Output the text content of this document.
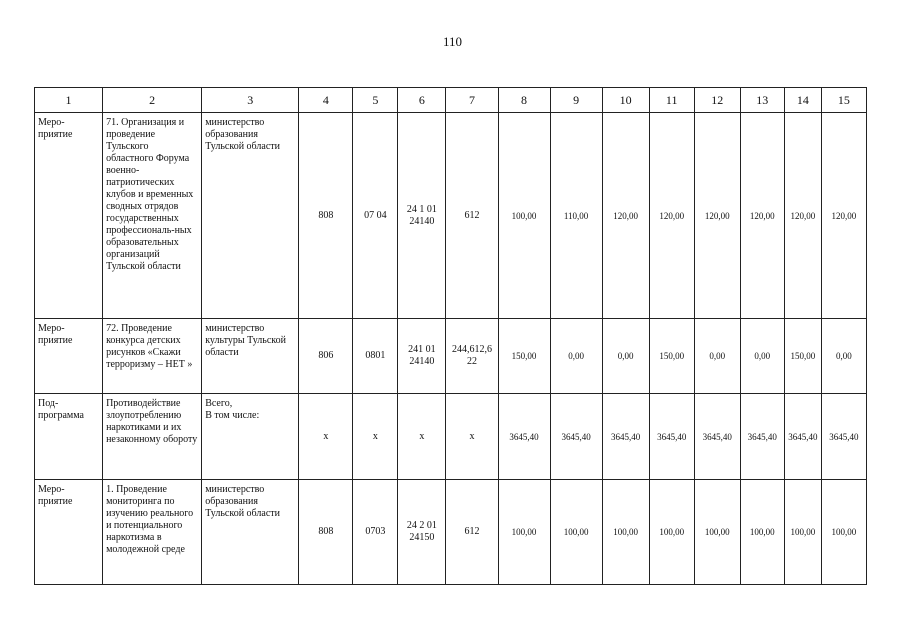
110
1	2	3	4	5	6	7	8	9	10	11	12	13	14	15
Меро-
приятие	71. Организация и проведение Тульского областного Форума военно-патриотических клубов и временных сводных отрядов государственных профессиональ-ных образовательных организаций Тульской области	министерство образования Тульской области	808	07 04	24 1 01 24140	612	100,00	110,00	120,00	120,00	120,00	120,00	120,00	120,00
Меро-
приятие	72. Проведение конкурса детских рисунков «Скажи терроризму – НЕТ »	министерство культуры Тульской области	806	0801	241 01 24140	244,612,6 22	150,00	0,00	0,00	150,00	0,00	0,00	150,00	0,00
Под-
программа	Противодействие злоупотреблению наркотиками и их незаконному обороту	Всего,
В том числе:	х	х	х	х	3645,40	3645,40	3645,40	3645,40	3645,40	3645,40	3645,40	3645,40
Меро-
приятие	1. Проведение мониторинга по изучению реального и потенциального наркотизма в молодежной среде	министерство образования Тульской области	808	0703	24 2 01 24150	612	100,00	100,00	100,00	100,00	100,00	100,00	100,00	100,00
